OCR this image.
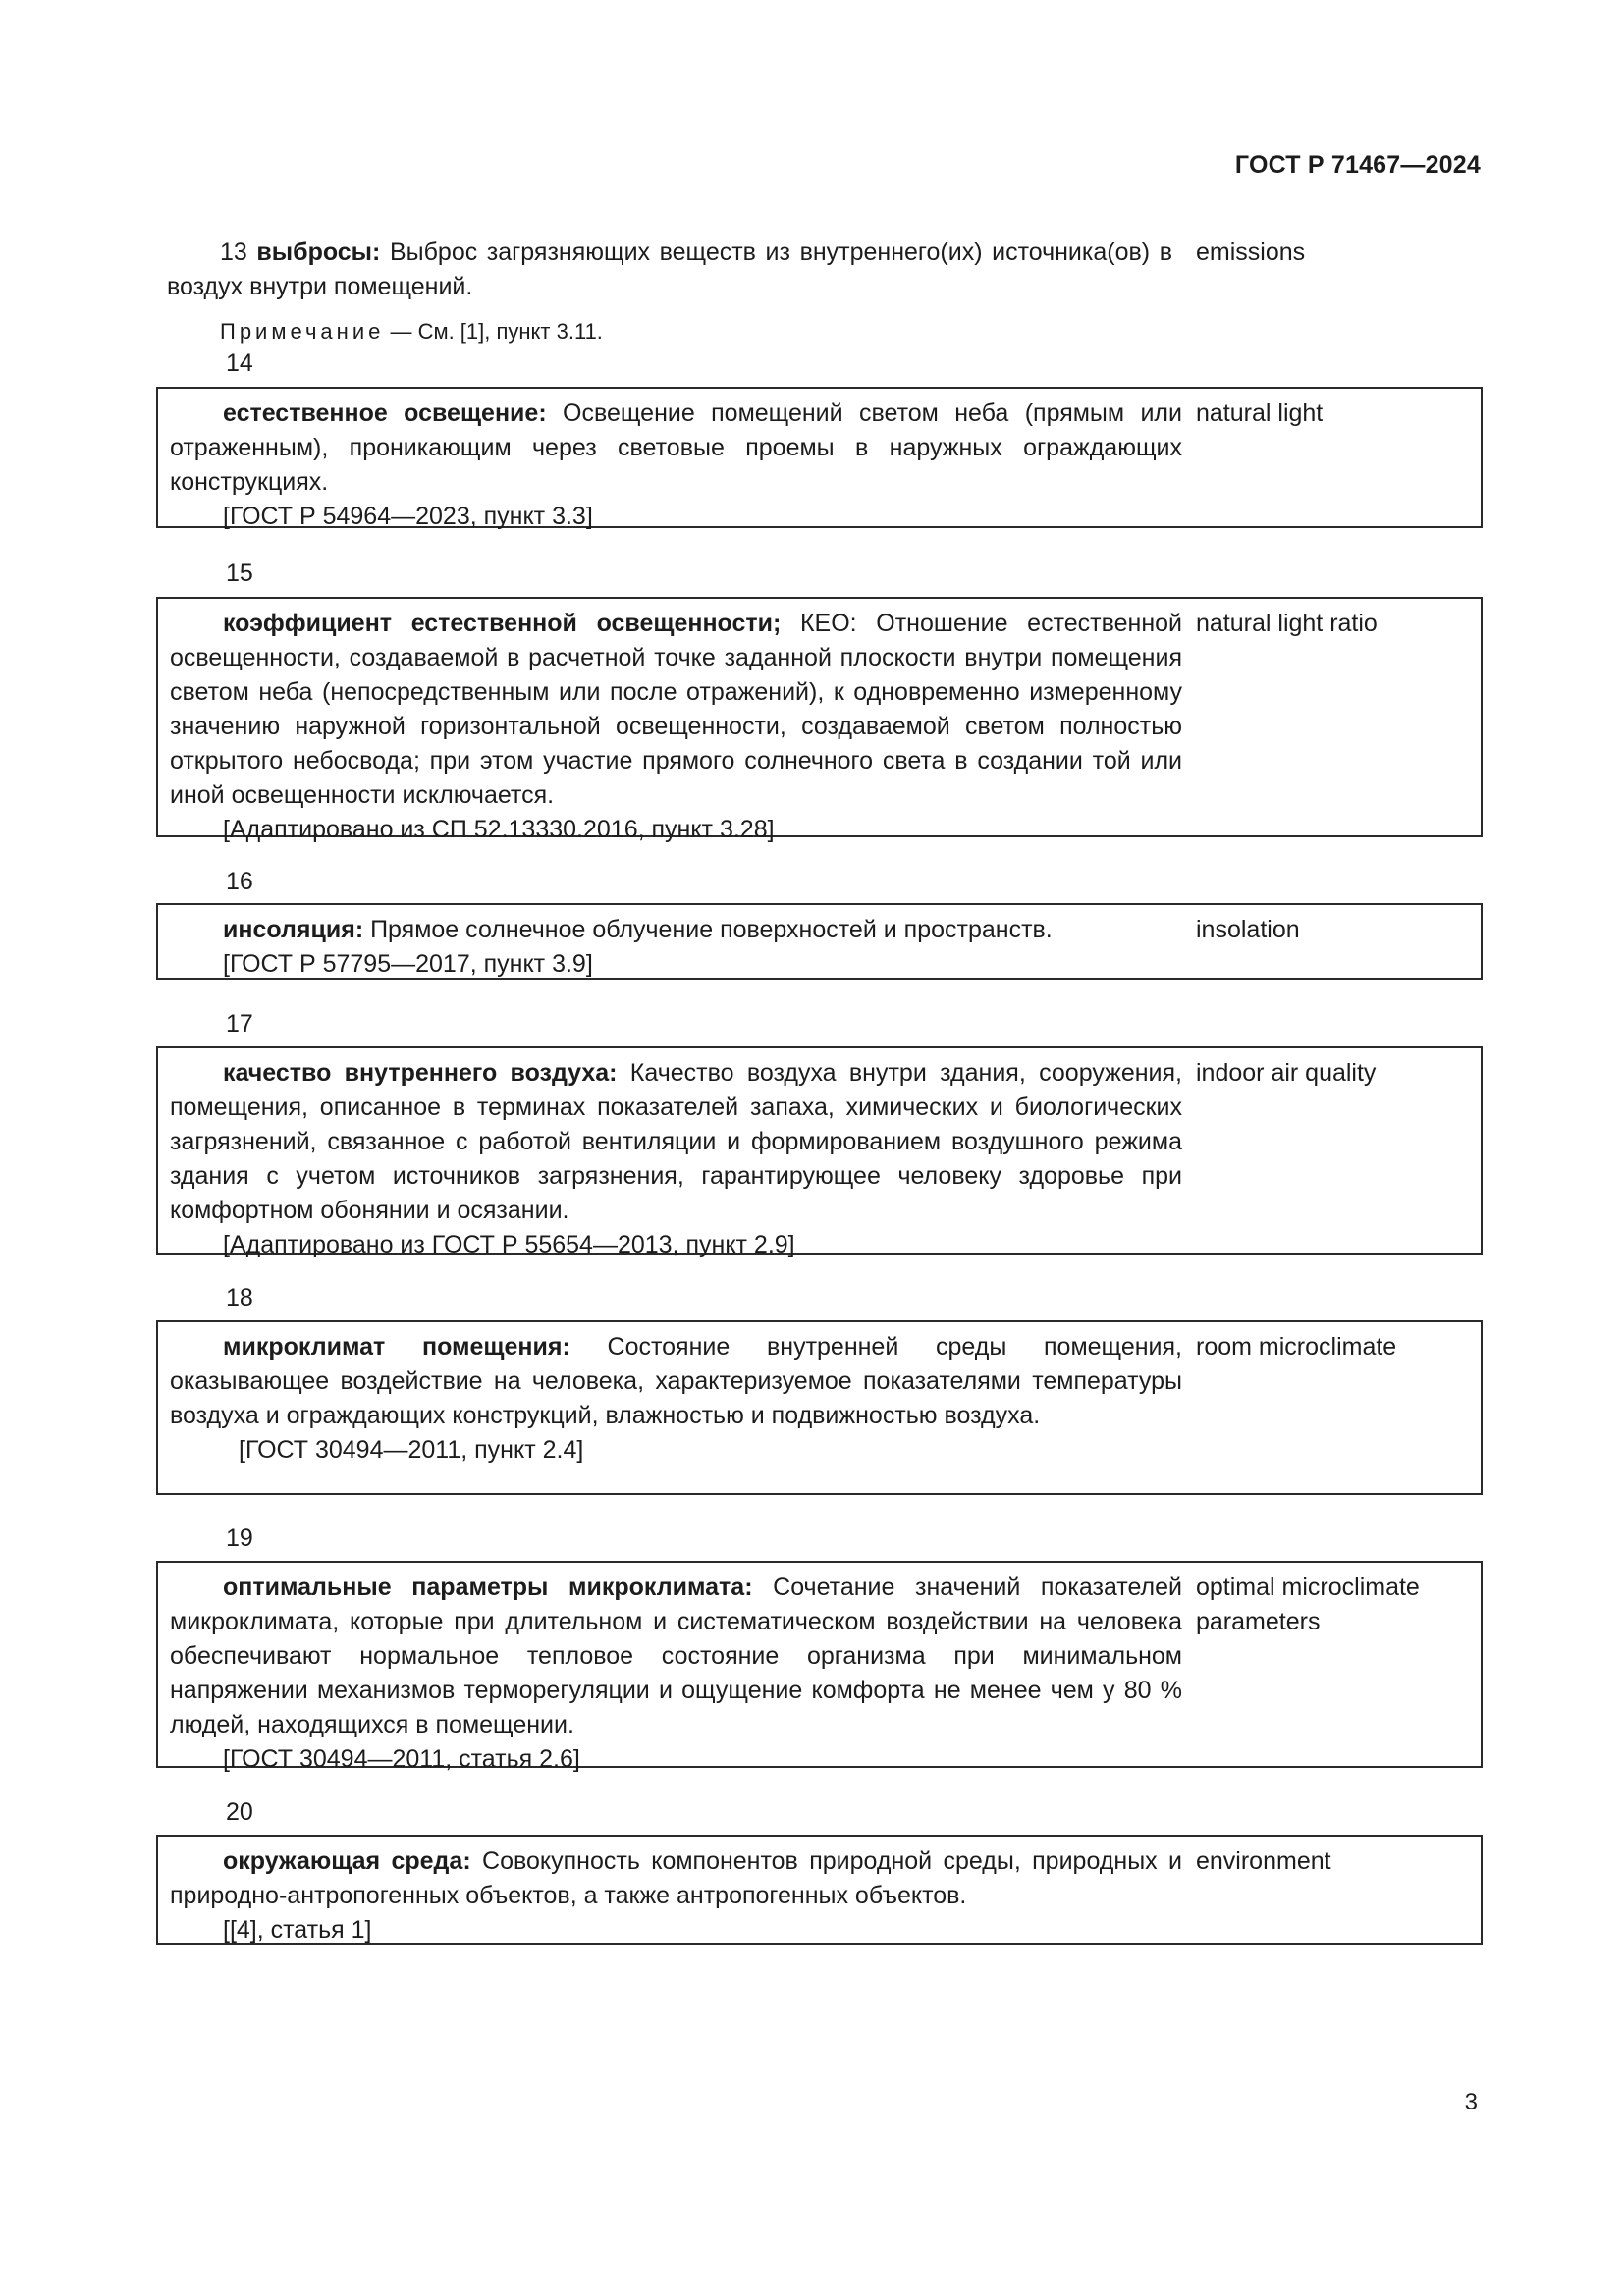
ГОСТ Р 71467—2024

13 выбросы: Выброс загрязняющих веществ из внутреннего(их) источника(ов) в воздух внутри помещений.

emissions
Примечание — См. [1], пункт 3.11.
14

естественное освещение: Освещение помещений светом неба (прямым или отраженным), проникающим через световые проемы в наружных ограждающих конструкциях.

[ГОСТ Р 54964—2023, пункт 3.3]

natural light
15

коэффициент естественной освещенности; КЕО: Отношение естественной освещенности, создаваемой в расчетной точке заданной плоскости внутри помещения светом неба (непосредственным или после отражений), к одновременно измеренному значению наружной горизонтальной освещенности, создаваемой светом полностью открытого небосвода; при этом участие прямого солнечного света в создании той или иной освещенности исключается.

[Адаптировано из СП 52.13330.2016, пункт 3.28]

natural light ratio
16

инсоляция: Прямое солнечное облучение поверхностей и пространств.

[ГОСТ Р 57795—2017, пункт 3.9]

insolation
17

качество внутреннего воздуха: Качество воздуха внутри здания, сооружения, помещения, описанное в терминах показателей запаха, химических и биологических загрязнений, связанное с работой вентиляции и формированием воздушного режима здания с учетом источников загрязнения, гарантирующее человеку здоровье при комфортном обонянии и осязании.

[Адаптировано из ГОСТ Р 55654—2013, пункт 2.9]

indoor air quality
18

микроклимат помещения: Состояние внутренней среды помещения, оказывающее воздействие на человека, характеризуемое показателями температуры воздуха и ограждающих конструкций, влажностью и подвижностью воздуха.

[ГОСТ 30494—2011, пункт 2.4]

room microclimate
19

оптимальные параметры микроклимата: Сочетание значений показателей микроклимата, которые при длительном и систематическом воздействии на человека обеспечивают нормальное тепловое состояние организма при минимальном напряжении механизмов терморегуляции и ощущение комфорта не менее чем у 80 % людей, находящихся в помещении.

[ГОСТ 30494—2011, статья 2.6]

optimal microclimate parameters
20

окружающая среда: Совокупность компонентов природной среды, природных и природно-антропогенных объектов, а также антропогенных объектов.

[[4], статья 1]

environment
3
